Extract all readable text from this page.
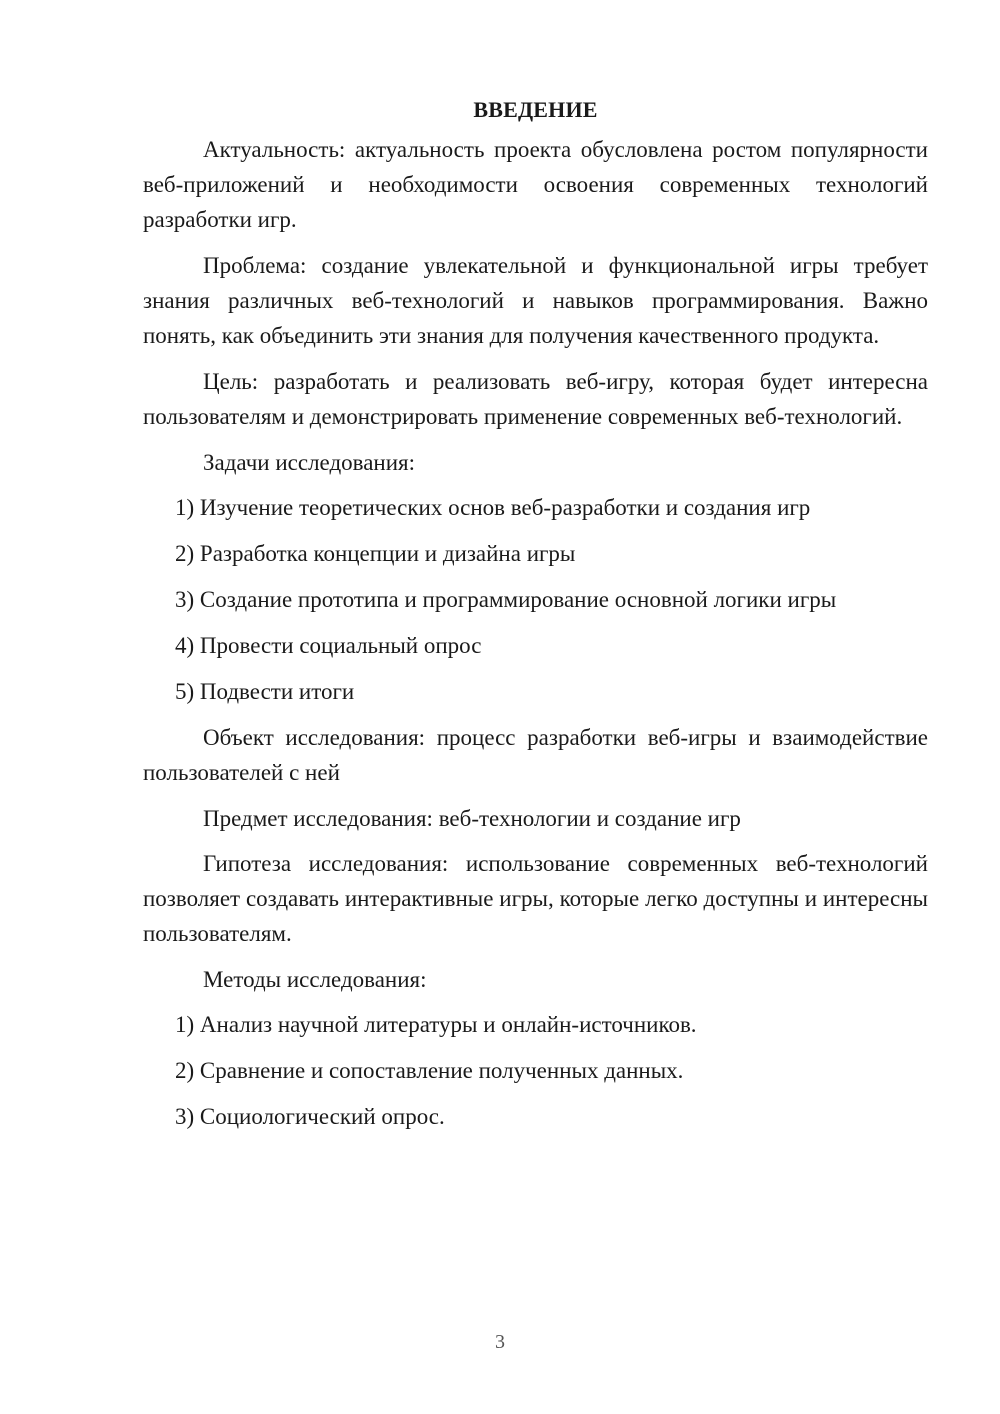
ВВЕДЕНИЕ

Актуальность: актуальность проекта обусловлена ростом популярности веб-приложений и необходимости освоения современных технологий разработки игр.

Проблема: создание увлекательной и функциональной игры требует знания различных веб-технологий и навыков программирования. Важно понять, как объединить эти знания для получения качественного продукта.

Цель: разработать и реализовать веб-игру, которая будет интересна пользователям и демонстрировать применение современных веб-технологий.

Задачи исследования:

1) Изучение теоретических основ веб-разработки и создания игр
2) Разработка концепции и дизайна игры
3) Создание прототипа и программирование основной логики игры
4) Провести социальный опрос
5) Подвести итоги

Объект исследования: процесс разработки веб-игры и взаимодействие пользователей с ней

Предмет исследования: веб-технологии и создание игр

Гипотеза исследования: использование современных веб-технологий позволяет создавать интерактивные игры, которые легко доступны и интересны пользователям.

Методы исследования:

1) Анализ научной литературы и онлайн-источников.
2) Сравнение и сопоставление полученных данных.
3) Социологический опрос.
3
